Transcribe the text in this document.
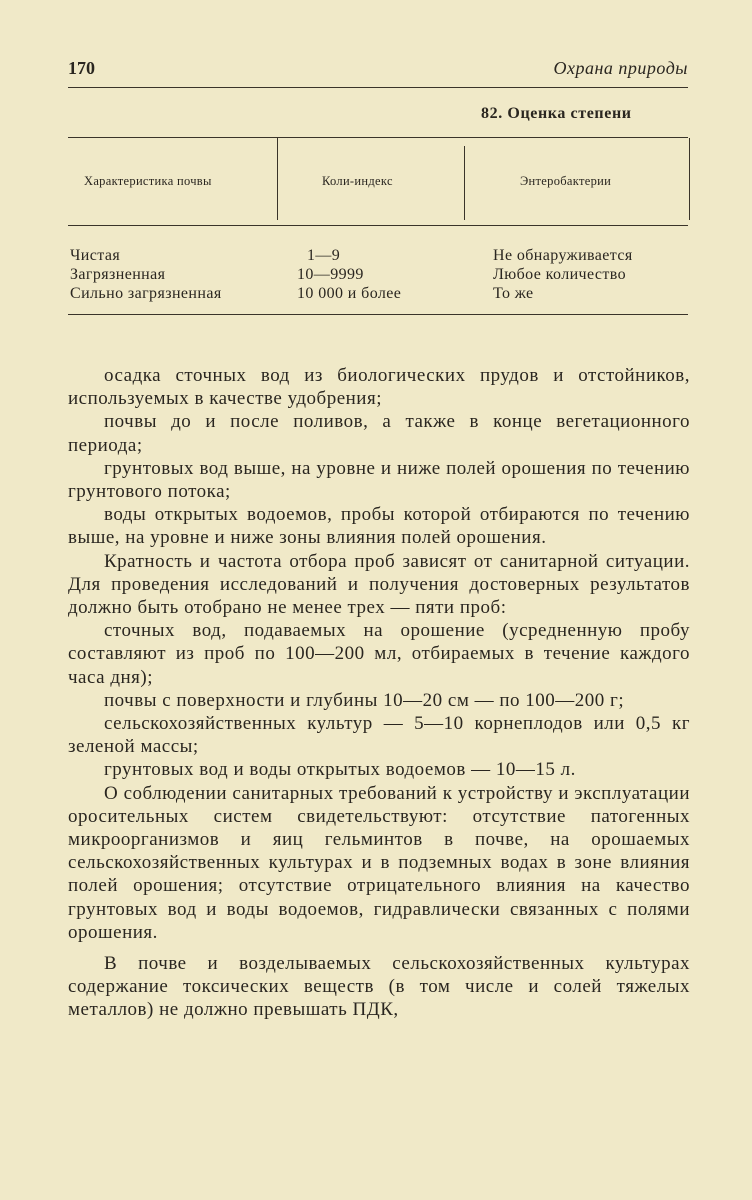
170	Охрана природы
82. Оценка степени
Характеристика почвы	Коли-индекс	Энтеробактерии
Чистая	1—9	Не обнаруживается
Загрязненная	10—9999	Любое количество
Сильно загрязненная	10 000 и более	То же

осадка сточных вод из биологических прудов и отстойников, используемых в качестве удобрения;

почвы до и после поливов, а также в конце вегетационного периода;

грунтовых вод выше, на уровне и ниже полей орошения по течению грунтового потока;

воды открытых водоемов, пробы которой отбираются по течению выше, на уровне и ниже зоны влияния полей орошения.

Кратность и частота отбора проб зависят от санитарной ситуации. Для проведения исследований и получения достоверных результатов должно быть отобрано не менее трех — пяти проб:

сточных вод, подаваемых на орошение (усредненную пробу составляют из проб по 100—200 мл, отбираемых в течение каждого часа дня);

почвы с поверхности и глубины 10—20 см — по 100—200 г;

сельскохозяйственных культур — 5—10 корнеплодов или 0,5 кг зеленой массы;

грунтовых вод и воды открытых водоемов — 10—15 л.

О соблюдении санитарных требований к устройству и эксплуатации оросительных систем свидетельствуют: отсутствие патогенных микроорганизмов и яиц гельминтов в почве, на орошаемых сельскохозяйственных культурах и в подземных водах в зоне влияния полей орошения; отсутствие отрицательного влияния на качество грунтовых вод и воды водоемов, гидравлически связанных с полями орошения.

В почве и возделываемых сельскохозяйственных культурах содержание токсических веществ (в том числе и солей тяжелых металлов) не должно превышать ПДК,
